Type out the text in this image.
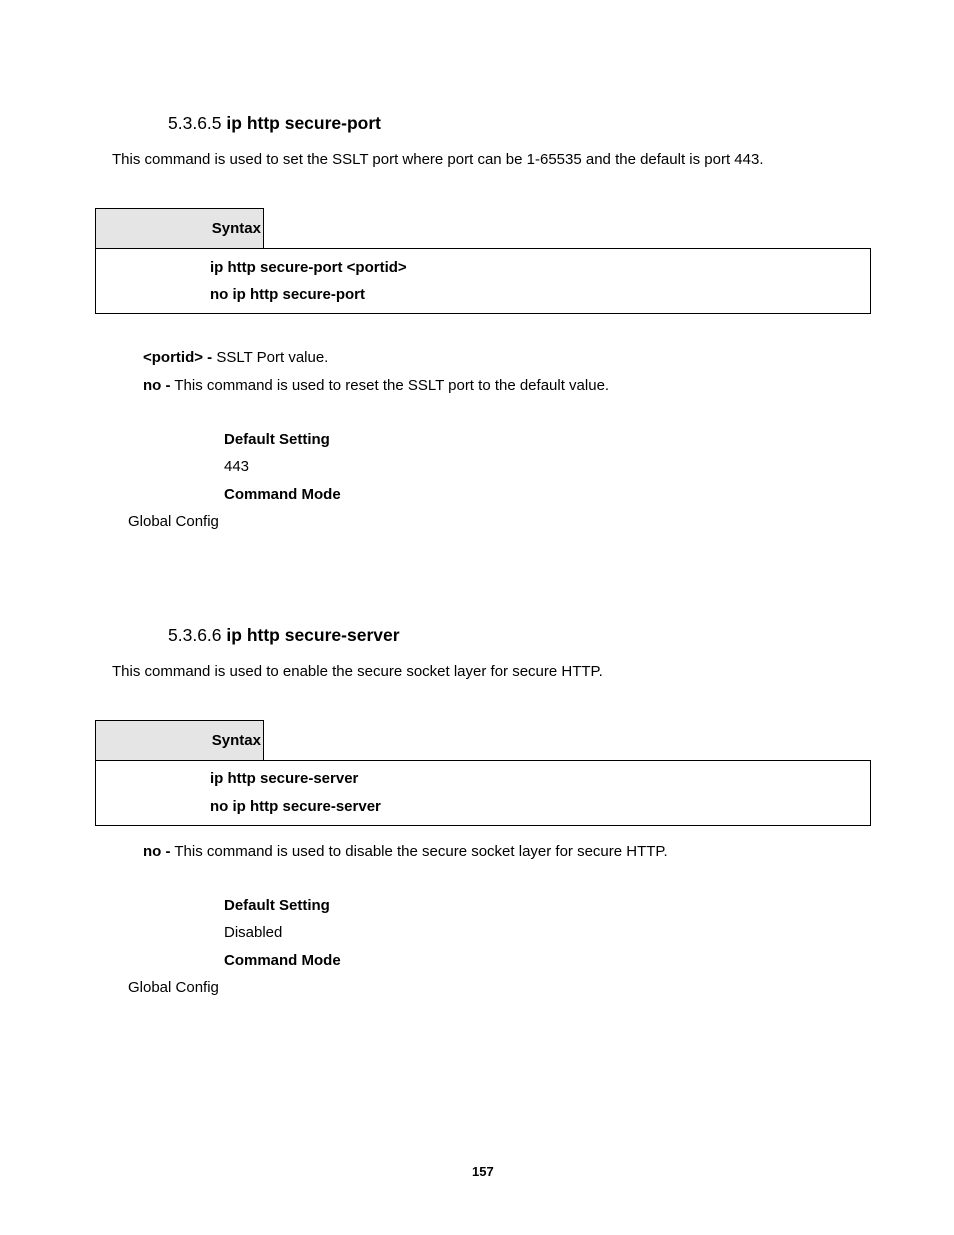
5.3.6.5 ip http secure-port
This command is used to set the SSLT port where port can be 1-65535 and the default is port 443.
Syntax
ip http secure-port <portid>
no ip http secure-port
<portid> - SSLT Port value.
no - This command is used to reset the SSLT port to the default value.
Default Setting
443
Command Mode
Global Config
5.3.6.6 ip http secure-server
This command is used to enable the secure socket layer for secure HTTP.
Syntax
ip http secure-server
no ip http secure-server
no - This command is used to disable the secure socket layer for secure HTTP.
Default Setting
Disabled
Command Mode
Global Config
157
